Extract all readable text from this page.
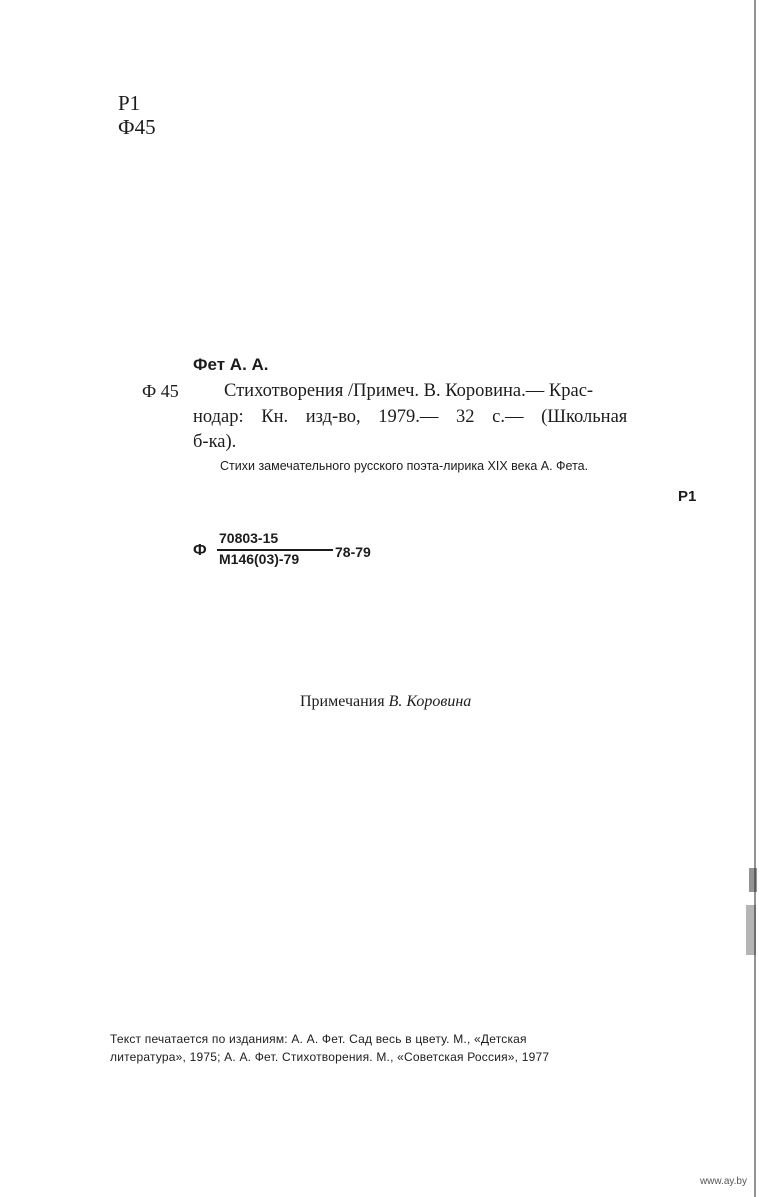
Р1
Ф45
Фет А. А.
Ф 45 Стихотворения /Примеч. В. Коровина.— Крас-
нодар: Кн. изд-во, 1979.— 32 с.— (Школьная
б-ка).
Стихи замечательного русского поэта-лирика XIX века А. Фета.
Р1
Ф
70803-15
М146(03)-79	78-79
Примечания В. Коровина
Текст печатается по изданиям: А. А. Фет. Сад весь в цвету. М., «Детская
литература», 1975; А. А. Фет. Стихотворения. М., «Советская Россия», 1977
www.ay.by
